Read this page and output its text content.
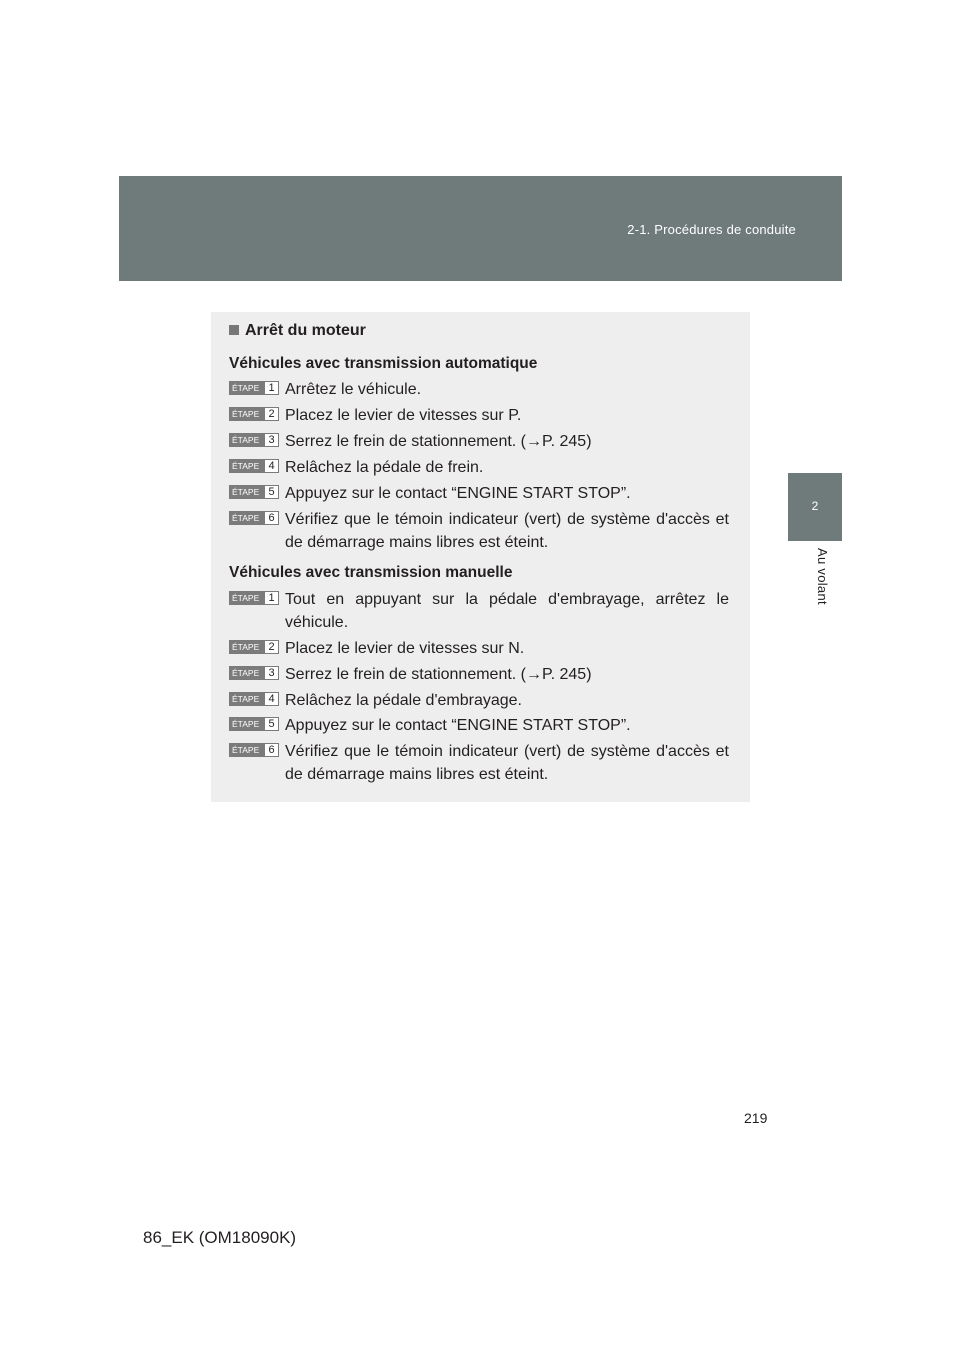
2-1. Procédures de conduite
2
Au volant
Arrêt du moteur
Véhicules avec transmission automatique
ÉTAPE 1 Arrêtez le véhicule.
ÉTAPE 2 Placez le levier de vitesses sur P.
ÉTAPE 3 Serrez le frein de stationnement. (→P. 245)
ÉTAPE 4 Relâchez la pédale de frein.
ÉTAPE 5 Appuyez sur le contact “ENGINE START STOP”.
ÉTAPE 6 Vérifiez que le témoin indicateur (vert) de système d'accès et de démarrage mains libres est éteint.
Véhicules avec transmission manuelle
ÉTAPE 1 Tout en appuyant sur la pédale d'embrayage, arrêtez le véhicule.
ÉTAPE 2 Placez le levier de vitesses sur N.
ÉTAPE 3 Serrez le frein de stationnement. (→P. 245)
ÉTAPE 4 Relâchez la pédale d'embrayage.
ÉTAPE 5 Appuyez sur le contact “ENGINE START STOP”.
ÉTAPE 6 Vérifiez que le témoin indicateur (vert) de système d'accès et de démarrage mains libres est éteint.
219
86_EK (OM18090K)
